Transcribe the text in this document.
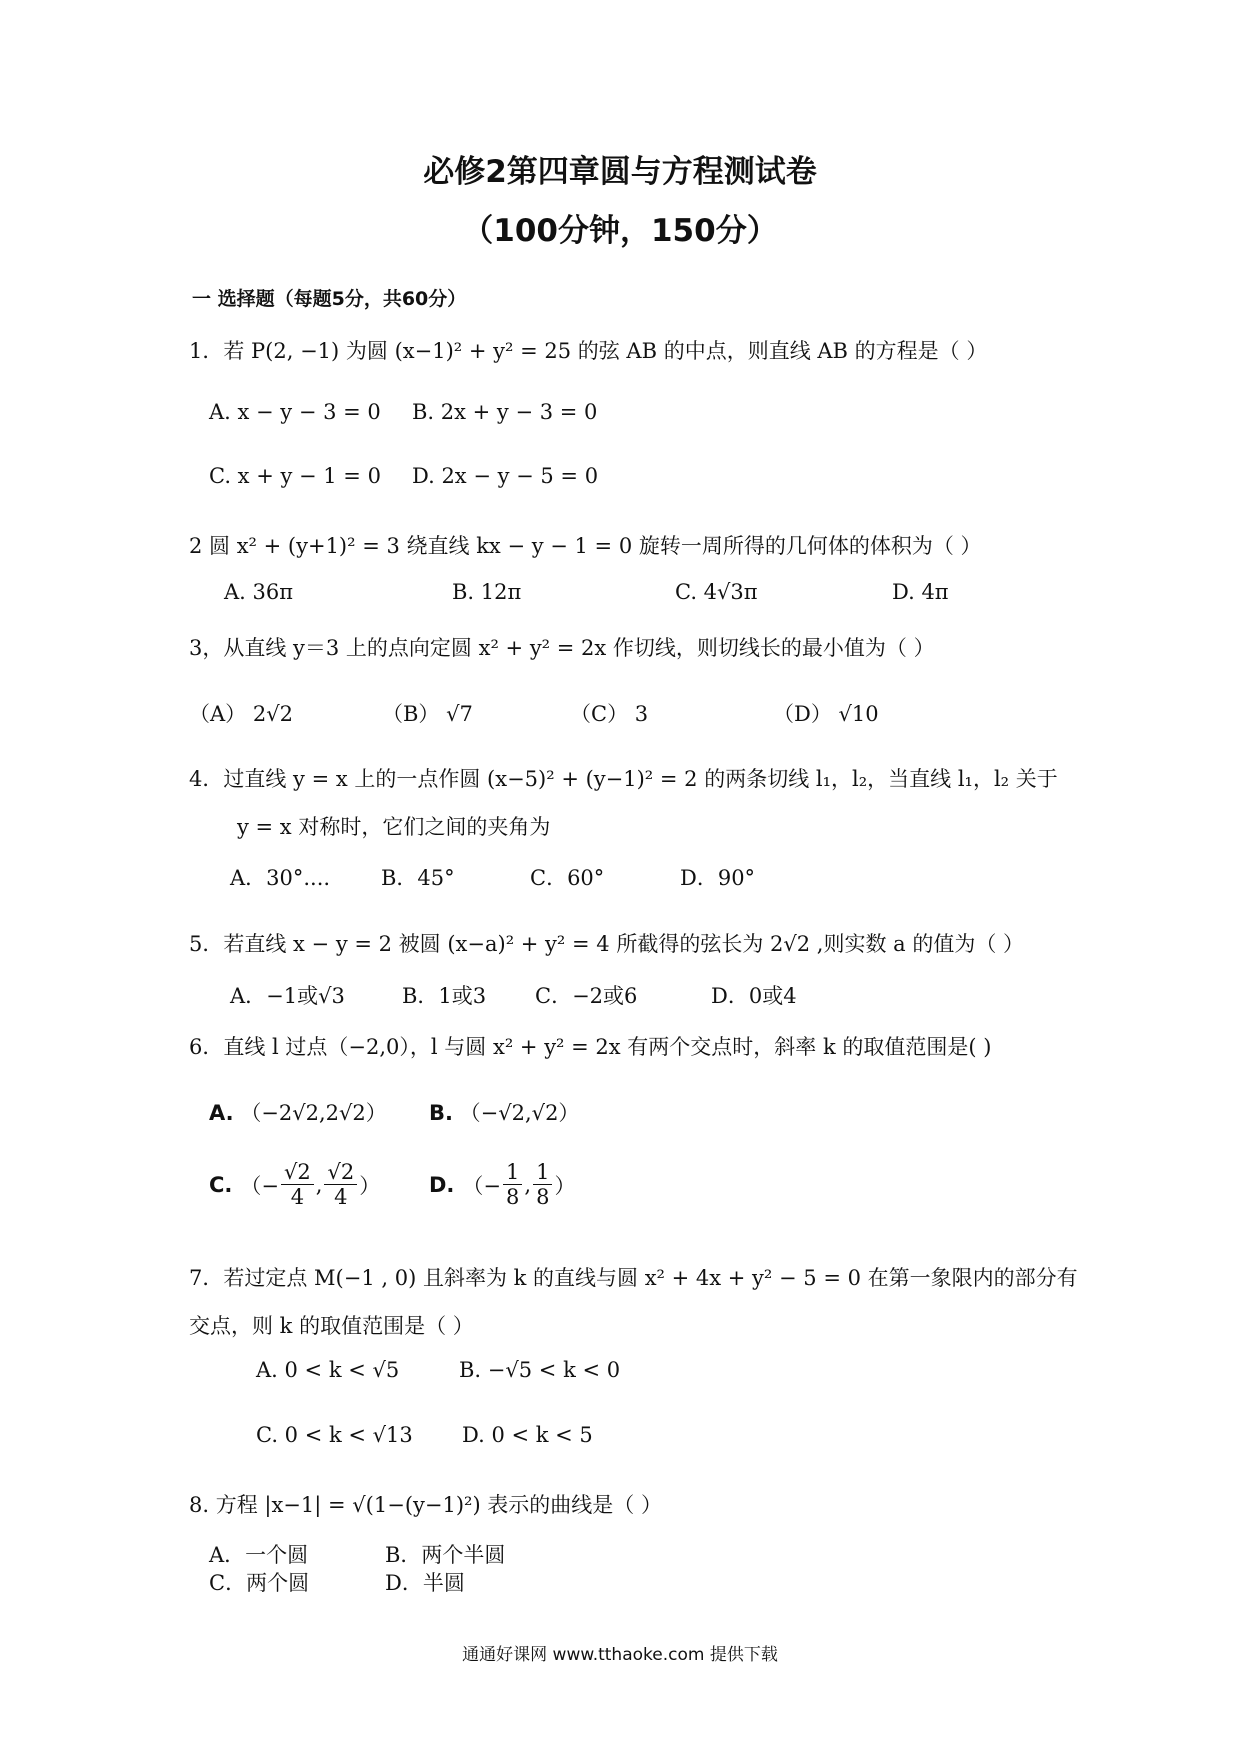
必修2第四章圆与方程测试卷
（100分钟，150分）
一 选择题（每题5分，共60分）
1．若 P(2, −1) 为圆 (x−1)² + y² = 25 的弦 AB 的中点，则直线 AB 的方程是（ ）
A. x − y − 3 = 0 B. 2x + y − 3 = 0
C. x + y − 1 = 0 D. 2x − y − 5 = 0
2 圆 x² + (y+1)² = 3 绕直线 kx − y − 1 = 0 旋转一周所得的几何体的体积为（ ）
A. 36π	B. 12π	C. 4√3π	D. 4π
3，从直线 y＝3 上的点向定圆 x² + y² = 2x 作切线，则切线长的最小值为（ ）
（A） 2√2	（B） √7	（C） 3	（D） √10
4．过直线 y = x 上的一点作圆 (x−5)² + (y−1)² = 2 的两条切线 l₁，l₂，当直线 l₁，l₂ 关于
y = x 对称时，它们之间的夹角为
A．30°.... B．45°	C．60°	D．90°
5．若直线 x − y = 2 被圆 (x−a)² + y² = 4 所截得的弦长为 2√2 ,则实数 a 的值为（ ）
A．−1或√3	B．1或3 C．−2或6	D．0或4
6．直线 l 过点（−2,0），l 与圆 x² + y² = 2x 有两个交点时，斜率 k 的取值范围是( )
A. （−2√2,2√2） B. （−√2,√2）
C. （− $\frac{√2}{4}$ , $\frac{√2}{4}$ ） D. （− $\frac{1}{8}$ , $\frac{1}{8}$ ）
7．若过定点 M(−1 , 0) 且斜率为 k 的直线与圆 x² + 4x + y² − 5 = 0 在第一象限内的部分有
交点，则 k 的取值范围是（ ）
A. 0 < k < √5	B. −√5 < k < 0
C. 0 < k < √13 D. 0 < k < 5
8. 方程 |x−1| = √(1−(y−1)²) 表示的曲线是（ ）
A．一个圆	B．两个半圆
C．两个圆	D．半圆
通通好课网 www.tthaoke.com 提供下载
